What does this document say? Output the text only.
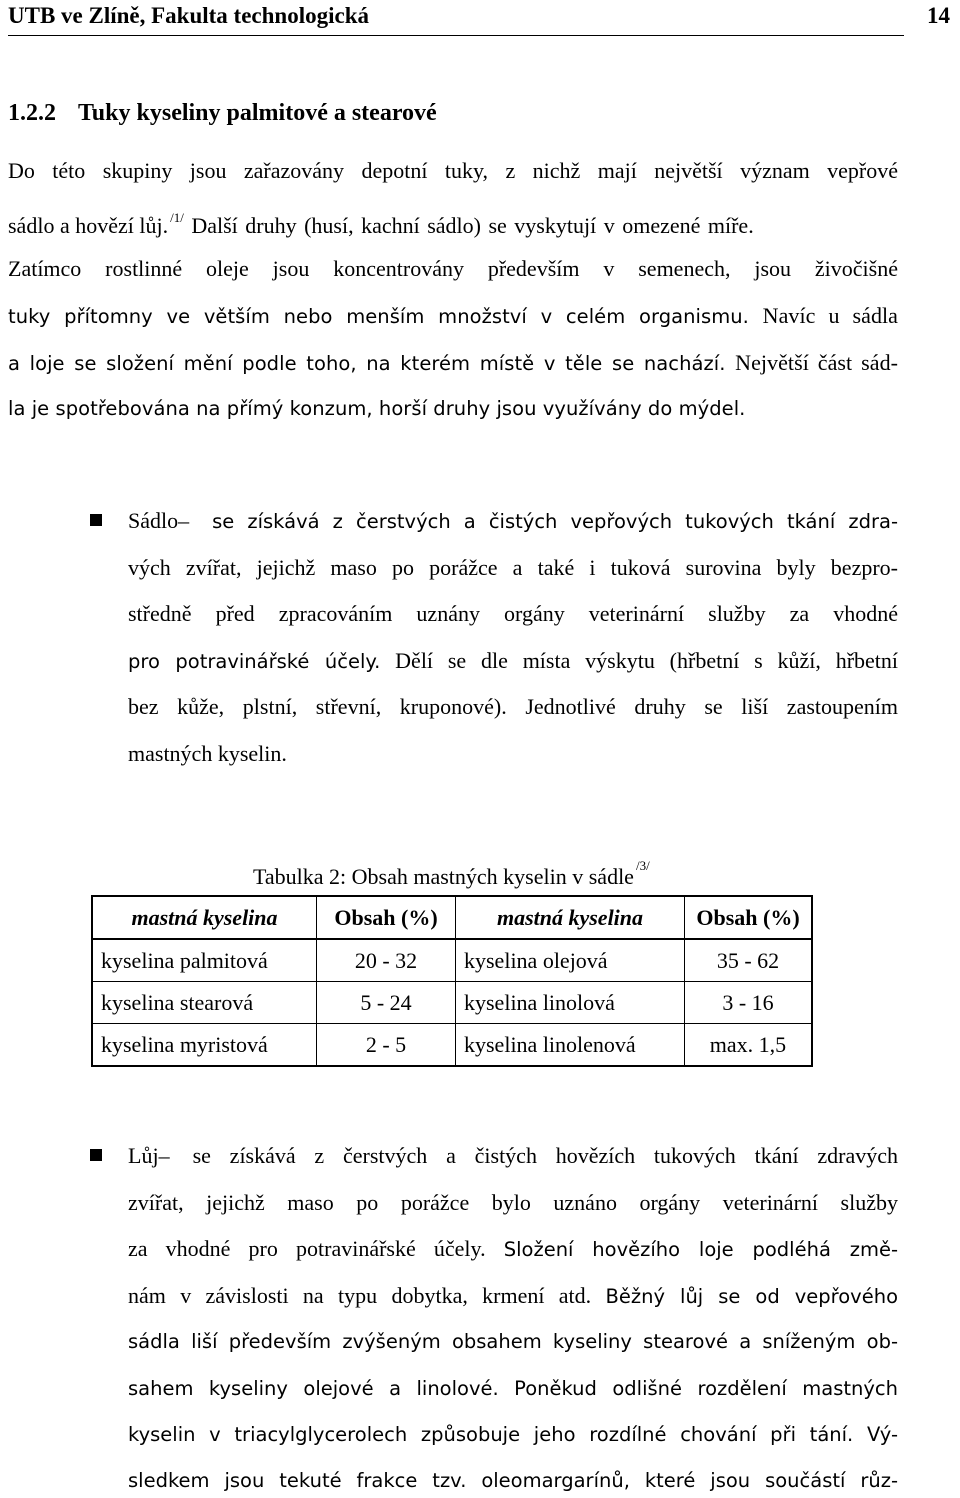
UTB ve Zlíně, Fakulta technologická	14
1.2.2 Tuky kyseliny palmitové a stearové
Do této skupiny jsou zařazovány depotní tuky, z nichž mají největší význam vepřové
sádlo a hovězí lůj. $^{/1/}$ Další druhy (husí, kachní sádlo) se vyskytují v omezené míře.
Zatímco rostlinné oleje jsou koncentrovány především v semenech, jsou živočišné
tuky přítomny ve větším nebo menším množství v celém organismu. Navíc u sádla
a loje se složení mění podle toho, na kterém místě v těle se nachází. Největší část sád-
la je spotřebována na přímý konzum, horší druhy jsou využívány do mýdel.
Sádlo– se získává z čerstvých a čistých vepřových tukových tkání zdra-
vých zvířat, jejichž maso po porážce a také i tuková surovina byly bezpro-
středně před zpracováním uznány orgány veterinární služby za vhodné
pro potravinářské účely. Dělí se dle místa výskytu (hřbetní s kůží, hřbetní
bez kůže, plstní, střevní, kruponové). Jednotlivé druhy se liší zastoupením
mastných kyselin.
Tabulka 2: Obsah mastných kyselin v sádle $^{/3/}$
mastná kyselina	Obsah (%)	mastná kyselina	Obsah (%)
kyselina palmitová	20 - 32	kyselina olejová	35 - 62
kyselina stearová	5 - 24	kyselina linolová	3 - 16
kyselina myristová	2 - 5	kyselina linolenová	max. 1,5
Lůj– se získává z čerstvých a čistých hovězích tukových tkání zdravých
zvířat, jejichž maso po porážce bylo uznáno orgány veterinární služby
za vhodné pro potravinářské účely. Složení hovězího loje podléhá změ-
nám v závislosti na typu dobytka, krmení atd. Běžný lůj se od vepřového
sádla liší především zvýšeným obsahem kyseliny stearové a sníženým ob-
sahem kyseliny olejové a linolové. Poněkud odlišné rozdělení mastných
kyselin v triacylglycerolech způsobuje jeho rozdílné chování při tání. Vý-
sledkem jsou tekuté frakce tzv. oleomargarínů, které jsou součástí růz-
